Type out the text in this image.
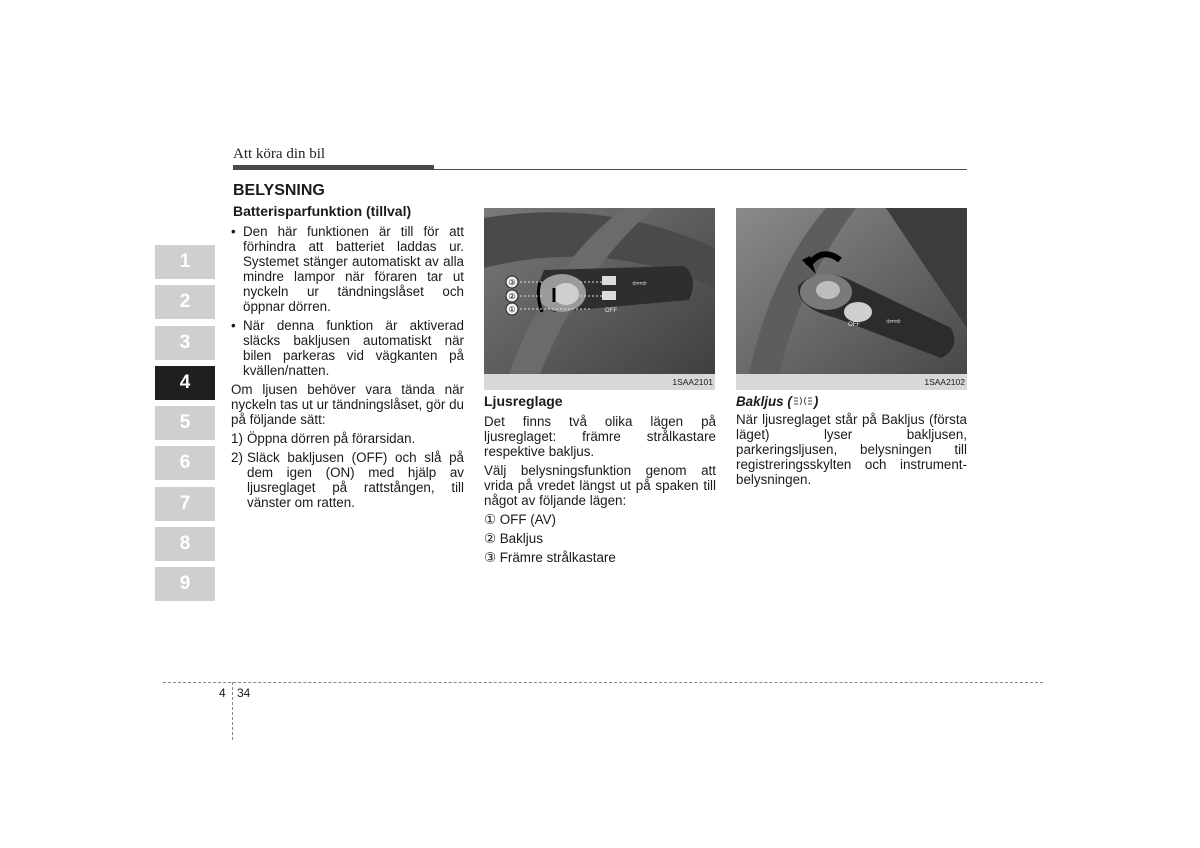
Att köra din bil
1
2
3
4
5
6
7
8
9
BELYSNING
Batterisparfunktion (tillval)
• Den här funktionen är till för att förhindra att batteriet laddas ur. Systemet stänger automatiskt av alla mindre lampor när föraren tar ut nyckeln ur tändningslåset och öppnar dörren.
• När denna funktion är aktiverad släcks bakljusen automatiskt när bilen parkeras vid vägkanten på kvällen/natten.

Om ljusen behöver vara tända när nyckeln tas ut ur tändningslåset, gör du på följande sätt:

1) Öppna dörren på förarsidan.
2) Släck bakljusen (OFF) och slå på dem igen (ON) med hjälp av ljusreglaget på rattstången, till vänster om ratten.
③
②
①
⇦⇨
OFF
1SAA2101
OFF	⇦⇨
1SAA2102
Ljusreglage

Det finns två olika lägen på ljusreglaget: främre strålkastare respektive bakljus.

Välj belysningsfunktion genom att vrida på vredet längst ut på spaken till något av följande lägen:

① OFF (AV)
② Bakljus
③ Främre strålkastare
Bakljus ( )

När ljusreglaget står på Bakljus (första läget) lyser bakljusen, parkeringsljusen, belysningen till registreringsskylten och instrumentbelysningen.

4 34
